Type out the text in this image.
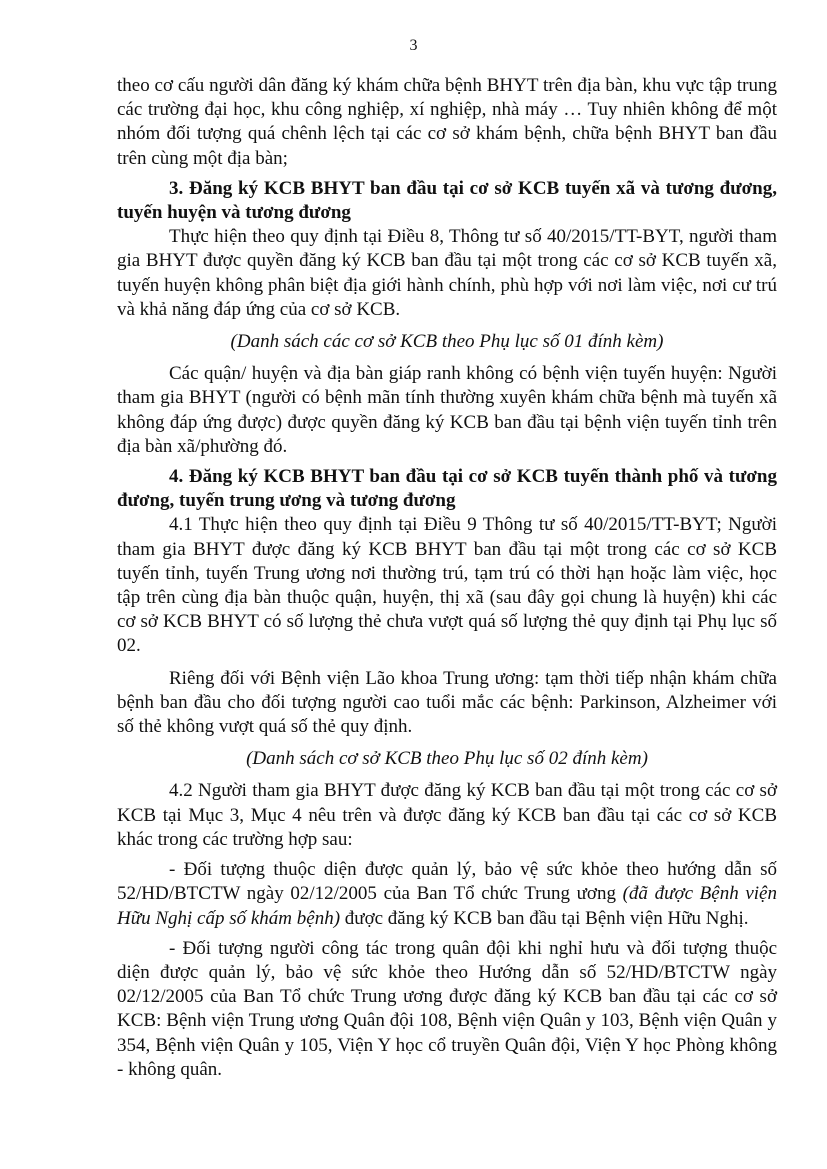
3

theo cơ cấu người dân đăng ký khám chữa bệnh BHYT trên địa bàn, khu vực tập trung các trường đại học, khu công nghiệp, xí nghiệp, nhà máy … Tuy nhiên không để một nhóm đối tượng quá chênh lệch tại các cơ sở khám bệnh, chữa bệnh BHYT ban đầu trên cùng một địa bàn;

3. Đăng ký KCB BHYT ban đầu tại cơ sở KCB tuyến xã và tương đương, tuyến huyện và tương đương

Thực hiện theo quy định tại Điều 8, Thông tư số 40/2015/TT-BYT, người tham gia BHYT được quyền đăng ký KCB ban đầu tại một trong các cơ sở KCB tuyến xã, tuyến huyện không phân biệt địa giới hành chính, phù hợp với nơi làm việc, nơi cư trú và khả năng đáp ứng của cơ sở KCB.

(Danh sách các cơ sở KCB theo Phụ lục số 01 đính kèm)

Các quận/ huyện và địa bàn giáp ranh không có bệnh viện tuyến huyện: Người tham gia BHYT (người có bệnh mãn tính thường xuyên khám chữa bệnh mà tuyến xã không đáp ứng được) được quyền đăng ký KCB ban đầu tại bệnh viện tuyến tỉnh trên địa bàn xã/phường đó.

4. Đăng ký KCB BHYT ban đầu tại cơ sở KCB tuyến thành phố và tương đương, tuyến trung ương và tương đương

4.1 Thực hiện theo quy định tại Điều 9 Thông tư số 40/2015/TT-BYT; Người tham gia BHYT được đăng ký KCB BHYT ban đầu tại một trong các cơ sở KCB tuyến tỉnh, tuyến Trung ương nơi thường trú, tạm trú có thời hạn hoặc làm việc, học tập trên cùng địa bàn thuộc quận, huyện, thị xã (sau đây gọi chung là huyện) khi các cơ sở KCB BHYT có số lượng thẻ chưa vượt quá số lượng thẻ quy định tại Phụ lục số 02.

Riêng đối với Bệnh viện Lão khoa Trung ương: tạm thời tiếp nhận khám chữa bệnh ban đầu cho đối tượng người cao tuổi mắc các bệnh: Parkinson, Alzheimer với số thẻ không vượt quá số thẻ quy định.

(Danh sách cơ sở KCB theo Phụ lục số 02 đính kèm)

4.2 Người tham gia BHYT được đăng ký KCB ban đầu tại một trong các cơ sở KCB tại Mục 3, Mục 4 nêu trên và được đăng ký KCB ban đầu tại các cơ sở KCB khác trong các trường hợp sau:

- Đối tượng thuộc diện được quản lý, bảo vệ sức khỏe theo hướng dẫn số 52/HD/BTCTW ngày 02/12/2005 của Ban Tổ chức Trung ương (đã được Bệnh viện Hữu Nghị cấp số khám bệnh) được đăng ký KCB ban đầu tại Bệnh viện Hữu Nghị.

- Đối tượng người công tác trong quân đội khi nghỉ hưu và đối tượng thuộc diện được quản lý, bảo vệ sức khỏe theo Hướng dẫn số 52/HD/BTCTW ngày 02/12/2005 của Ban Tổ chức Trung ương được đăng ký KCB ban đầu tại các cơ sở KCB: Bệnh viện Trung ương Quân đội 108, Bệnh viện Quân y 103, Bệnh viện Quân y 354, Bệnh viện Quân y 105, Viện Y học cổ truyền Quân đội, Viện Y học Phòng không - không quân.
